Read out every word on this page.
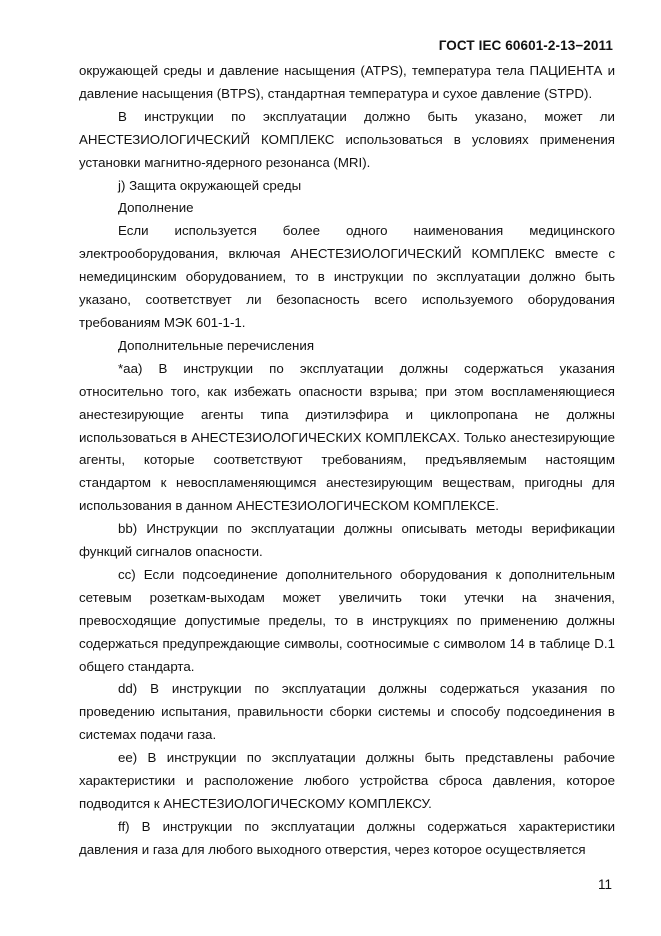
ГОСТ IEC 60601-2-13−2011

окружающей среды и давление насыщения (ATPS), температура тела ПАЦИЕНТА и давление насыщения (BTPS), стандартная температура и сухое давление (STPD).

В инструкции по эксплуатации должно быть указано, может ли АНЕСТЕЗИОЛОГИЧЕСКИЙ КОМПЛЕКС использоваться в условиях применения установки магнитно-ядерного резонанса (MRI).

j) Защита окружающей среды

Дополнение

Если используется более одного наименования медицинского электрооборудования, включая АНЕСТЕЗИОЛОГИЧЕСКИЙ КОМПЛЕКС вместе с немедицинским оборудованием, то в инструкции по эксплуатации должно быть указано, соответствует ли безопасность всего используемого оборудования требованиям МЭК 601-1-1.

Дополнительные перечисления

*аа) В инструкции по эксплуатации должны содержаться указания относительно того, как избежать опасности взрыва; при этом воспламеняющиеся анестезирующие агенты типа диэтилэфира и циклопропана не должны использоваться в АНЕСТЕЗИОЛОГИЧЕСКИХ КОМПЛЕКСАХ. Только анестезирующие агенты, которые соответствуют требованиям, предъявляемым настоящим стандартом к невоспламеняющимся анестезирующим веществам, пригодны для использования в данном АНЕСТЕЗИОЛОГИЧЕСКОМ КОМПЛЕКСЕ.

bb) Инструкции по эксплуатации должны описывать методы верификации функций сигналов опасности.

сс) Если подсоединение дополнительного оборудования к дополнительным сетевым розеткам-выходам может увеличить токи утечки на значения, превосходящие допустимые пределы, то в инструкциях по применению должны содержаться предупреждающие символы, соотносимые с символом 14 в таблице D.1 общего стандарта.

dd) В инструкции по эксплуатации должны содержаться указания по проведению испытания, правильности сборки системы и способу подсоединения в системах подачи газа.

ее) В инструкции по эксплуатации должны быть представлены рабочие характеристики и расположение любого устройства сброса давления, которое подводится к АНЕСТЕЗИОЛОГИЧЕСКОМУ КОМПЛЕКСУ.

ff) В инструкции по эксплуатации должны содержаться характеристики давления и газа для любого выходного отверстия, через которое осуществляется

11
